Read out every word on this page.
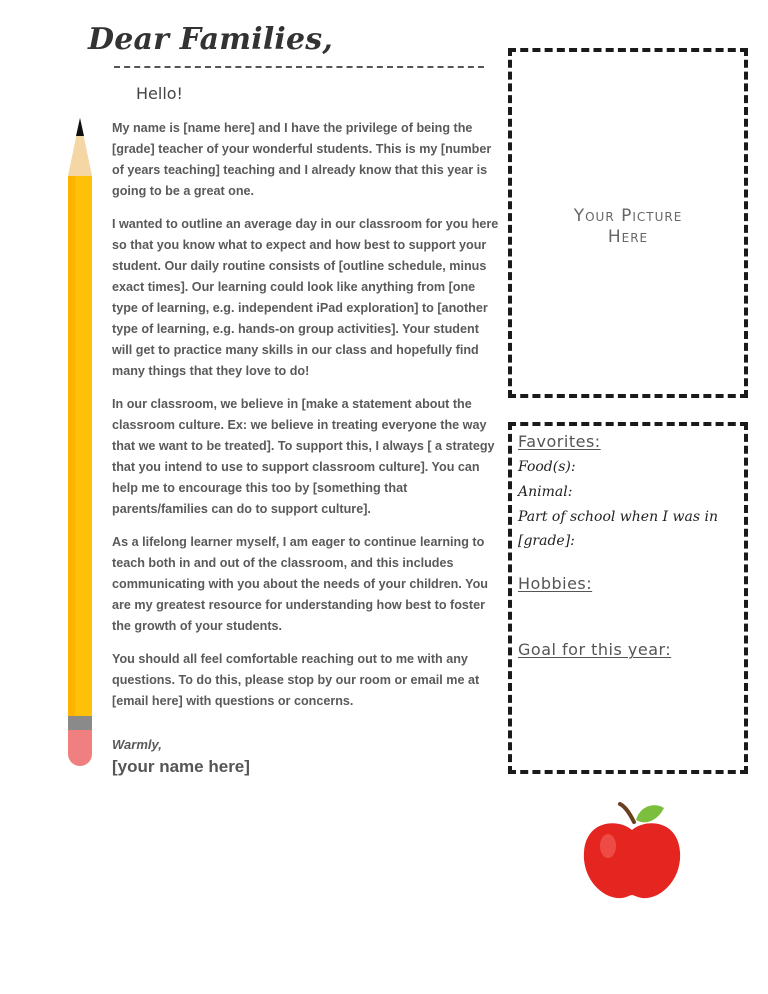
Dear Families,
Hello!

My name is [name here] and I have the privilege of being the [grade] teacher of your wonderful students. This is my [number of years teaching] teaching and I already know that this year is going to be a great one.

I wanted to outline an average day in our classroom for you here so that you know what to expect and how best to support your student. Our daily routine consists of [outline schedule, minus exact times]. Our learning could look like anything from [one type of learning, e.g. independent iPad exploration] to [another type of learning, e.g. hands-on group activities]. Your student will get to practice many skills in our class and hopefully find many things that they love to do!

In our classroom, we believe in [make a statement about the classroom culture. Ex: we believe in treating everyone the way that we want to be treated]. To support this, I always [ a strategy that you intend to use to support classroom culture]. You can help me to encourage this too by [something that parents/families can do to support culture].

As a lifelong learner myself, I am eager to continue learning to teach both in and out of the classroom, and this includes communicating with you about the needs of your children. You are my greatest resource for understanding how best to foster the growth of your students.

You should all feel comfortable reaching out to me with any questions. To do this, please stop by our room or email me at [email here] with questions or concerns.

Warmly,
[your name here]
Your Picture
Here
Favorites:
Food(s):
Animal:
Part of school when I was in [grade]:
Hobbies:
Goal for this year:
